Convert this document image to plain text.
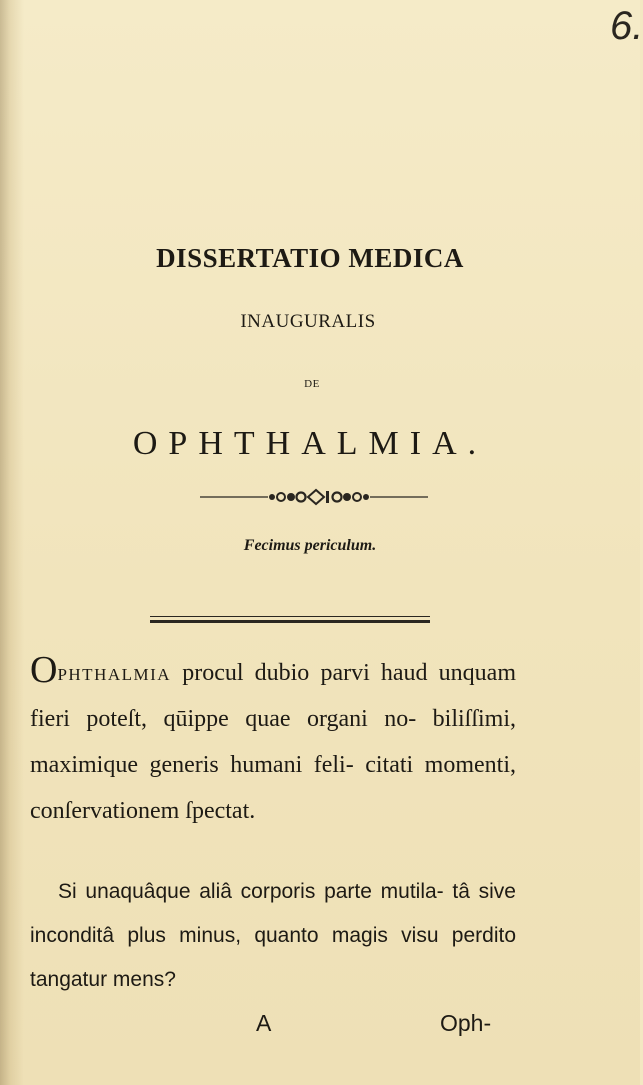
6.
DISSERTATIO MEDICA
INAUGURALIS
DE
OPHTHALMIA.
Fecimus periculum.
Ophthalmia procul dubio parvi haud unquam fieri poteſt, qūippe quae organi no- biliſſimi, maximique generis humani feli- citati momenti, conſervationem ſpectat.
Si unaquâque aliâ corporis parte mutila- tâ sive inconditâ plus minus, quanto magis visu perdito tangatur mens?
A	Oph-
